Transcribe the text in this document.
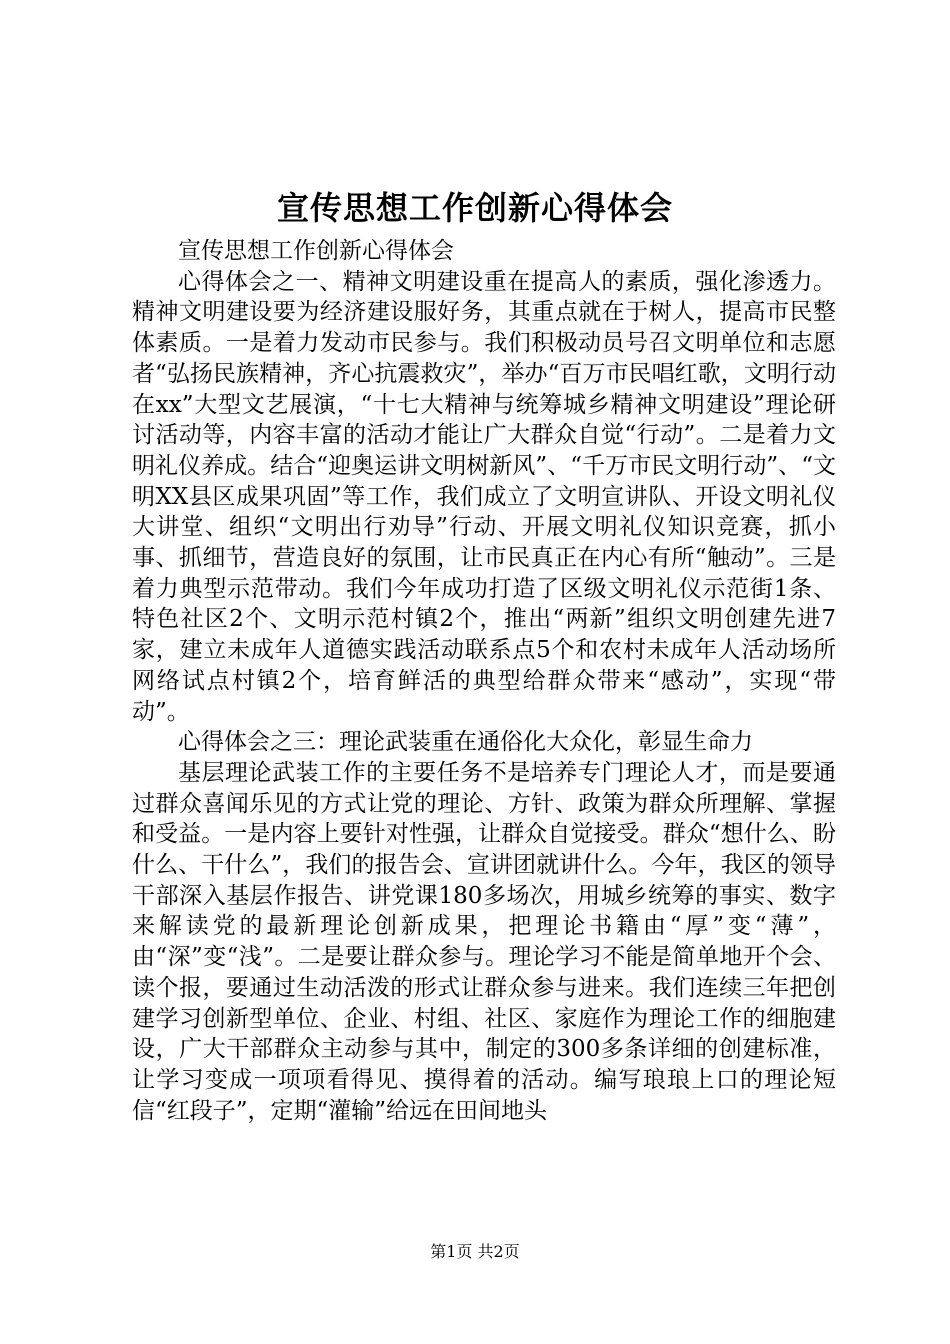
宣传思想工作创新心得体会

宣传思想工作创新心得体会

心得体会之一、精神文明建设重在提高人的素质，强化渗透力。精神文明建设要为经济建设服好务，其重点就在于树人，提高市民整体素质。一是着力发动市民参与。我们积极动员号召文明单位和志愿者“弘扬民族精神，齐心抗震救灾”，举办“百万市民唱红歌，文明行动在xx”大型文艺展演，“十七大精神与统筹城乡精神文明建设”理论研讨活动等，内容丰富的活动才能让广大群众自觉“行动”。二是着力文明礼仪养成。结合“迎奥运讲文明树新风”、“千万市民文明行动”、“文明XX县区成果巩固”等工作，我们成立了文明宣讲队、开设文明礼仪大讲堂、组织“文明出行劝导”行动、开展文明礼仪知识竞赛，抓小事、抓细节，营造良好的氛围，让市民真正在内心有所“触动”。三是着力典型示范带动。我们今年成功打造了区级文明礼仪示范街1条、特色社区2个、文明示范村镇2个，推出“两新”组织文明创建先进7家，建立未成年人道德实践活动联系点5个和农村未成年人活动场所网络试点村镇2个，培育鲜活的典型给群众带来“感动”，实现“带动”。

心得体会之三：理论武装重在通俗化大众化，彰显生命力

基层理论武装工作的主要任务不是培养专门理论人才，而是要通过群众喜闻乐见的方式让党的理论、方针、政策为群众所理解、掌握和受益。一是内容上要针对性强，让群众自觉接受。群众“想什么、盼什么、干什么”，我们的报告会、宣讲团就讲什么。今年，我区的领导干部深入基层作报告、讲党课180多场次，用城乡统筹的事实、数字来解读党的最新理论创新成果，把理论书籍由“厚”变“薄”，由“深”变“浅”。二是要让群众参与。理论学习不能是简单地开个会、读个报，要通过生动活泼的形式让群众参与进来。我们连续三年把创建学习创新型单位、企业、村组、社区、家庭作为理论工作的细胞建设，广大干部群众主动参与其中，制定的300多条详细的创建标准，让学习变成一项项看得见、摸得着的活动。编写琅琅上口的理论短信“红段子”，定期“灌输”给远在田间地头

第1页 共2页
